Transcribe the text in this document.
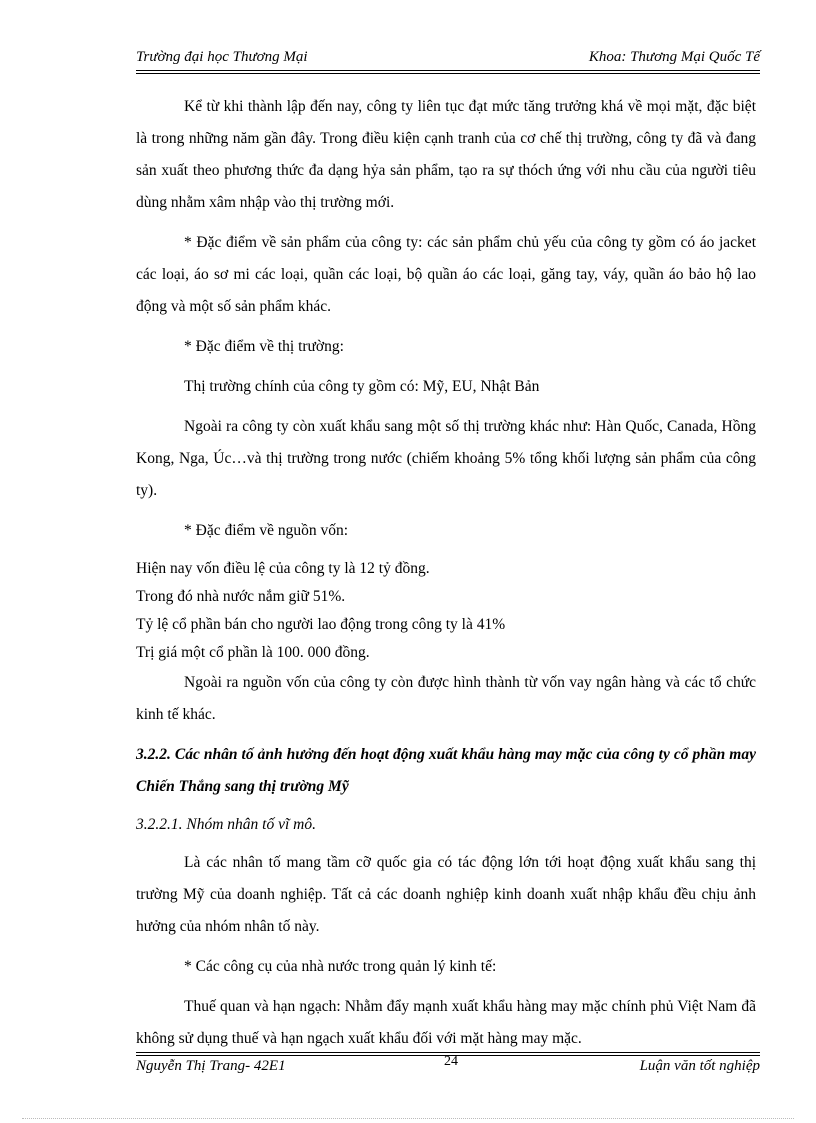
Trường đại học Thương Mại	Khoa: Thương Mại Quốc Tế

Kể từ khi thành lập đến nay, công ty liên tục đạt mức tăng trưởng khá về mọi mặt, đặc biệt là trong những năm gần đây. Trong điều kiện cạnh tranh của cơ chế thị trường, công ty đã và đang sản xuất theo phương thức đa dạng hỷa sản phẩm, tạo ra sự thóch ứng với nhu cầu của người tiêu dùng nhằm xâm nhập vào thị trường mới.

* Đặc điểm về sản phẩm của công ty: các sản phẩm chủ yếu của công ty gồm có áo jacket các loại, áo sơ mi các loại, quần các loại, bộ quần áo các loại, găng tay, váy, quần áo bảo hộ lao động và một số sản phẩm khác.

* Đặc điểm về thị trường:

Thị trường chính của công ty gồm có: Mỹ, EU, Nhật Bản

Ngoài ra công ty còn xuất khẩu sang một số thị trường khác như: Hàn Quốc, Canada, Hồng Kong, Nga, Úc…và thị trường trong nước (chiếm khoảng 5% tổng khối lượng sản phẩm của công ty).

* Đặc điểm về nguồn vốn:

Hiện nay vốn điều lệ của công ty là 12 tỷ đồng.

Trong đó nhà nước nắm giữ 51%.

Tỷ lệ cổ phần bán cho người lao động trong công ty là 41%

Trị giá một cổ phần là 100. 000 đồng.

Ngoài ra nguồn vốn của công ty còn được hình thành từ vốn vay ngân hàng và các tổ chức kinh tế khác.

3.2.2. Các nhân tố ảnh hưởng đến hoạt động xuất khẩu hàng may mặc của công ty cổ phần may Chiến Thắng sang thị trường Mỹ

3.2.2.1. Nhóm nhân tố vĩ mô.

Là các nhân tố mang tầm cỡ quốc gia có tác động lớn tới hoạt động xuất khẩu sang thị trường Mỹ của doanh nghiệp. Tất cả các doanh nghiệp kinh doanh xuất nhập khẩu đều chịu ảnh hưởng của nhóm nhân tố này.

* Các công cụ của nhà nước trong quản lý kinh tế:

Thuế quan và hạn ngạch: Nhằm đẩy mạnh xuất khẩu hàng may mặc chính phủ Việt Nam đã không sử dụng thuế và hạn ngạch xuất khẩu đối với mặt hàng may mặc.

Nguyễn Thị Trang- 42E1	24	Luận văn tốt nghiệp
